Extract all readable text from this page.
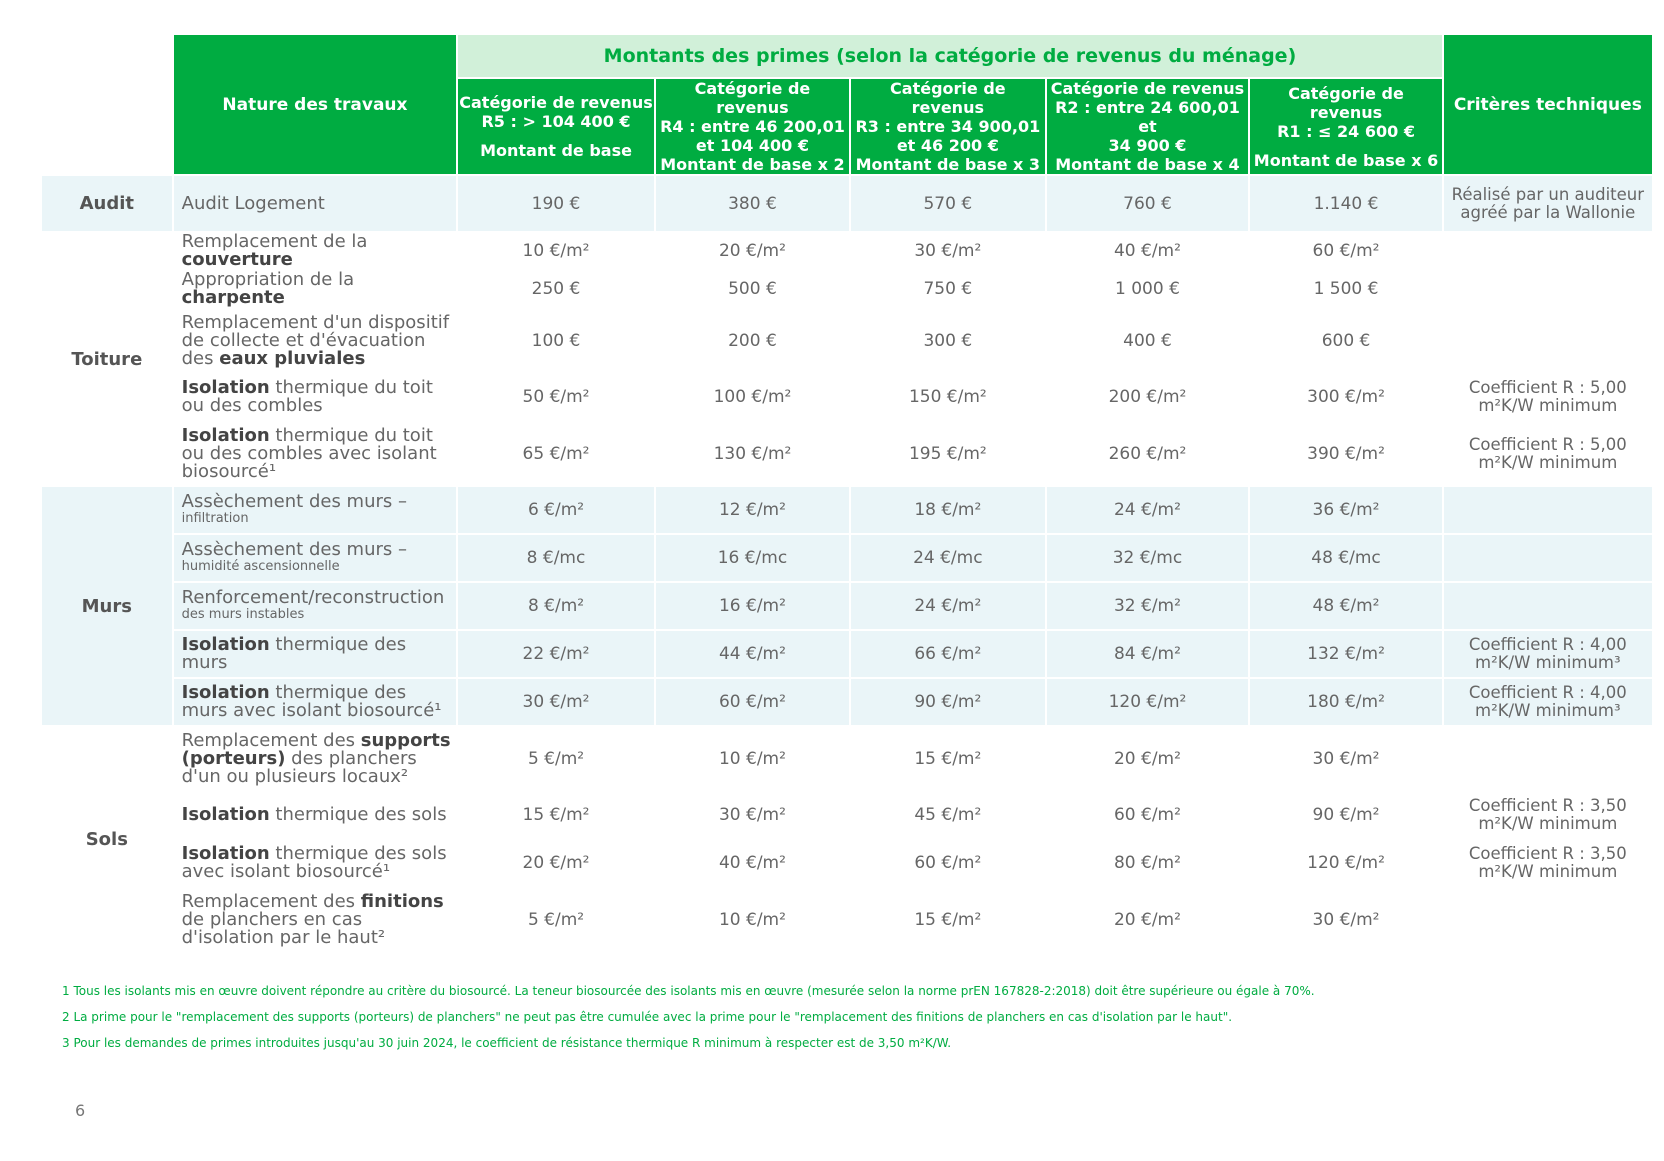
	Nature des travaux	Montants des primes (selon la catégorie de revenus du ménage)					Critères techniques
		Catégorie de revenus
R5 : > 104 400 €
Montant de base	Catégorie de revenus
R4 : entre 46 200,01
et 104 400 €
Montant de base x 2	Catégorie de revenus
R3 : entre 34 900,01
et 46 200 €
Montant de base x 3	Catégorie de revenus
R2 : entre 24 600,01 et
34 900 €
Montant de base x 4	Catégorie de revenus
R1 : ≤ 24 600 €
Montant de base x 6	
Audit	Audit Logement	190 €	380 €	570 €	760 €	1.140 €	Réalisé par un auditeur agréé par la Wallonie
Toiture	Remplacement de la couverture	10 €/m²	20 €/m²	30 €/m²	40 €/m²	60 €/m²	
	Appropriation de la charpente	250 €	500 €	750 €	1 000 €	1 500 €	
	Remplacement d'un dispositif de collecte et d'évacuation des eaux pluviales	100 €	200 €	300 €	400 €	600 €	
	Isolation thermique du toit ou des combles	50 €/m²	100 €/m²	150 €/m²	200 €/m²	300 €/m²	Coefficient R : 5,00 m²K/W minimum
	Isolation thermique du toit ou des combles avec isolant biosourcé¹	65 €/m²	130 €/m²	195 €/m²	260 €/m²	390 €/m²	Coefficient R : 5,00 m²K/W minimum
Murs	Assèchement des murs –
infiltration	6 €/m²	12 €/m²	18 €/m²	24 €/m²	36 €/m²	
	Assèchement des murs –
humidité ascensionnelle	8 €/mc	16 €/mc	24 €/mc	32 €/mc	48 €/mc	
	Renforcement/reconstruction
des murs instables	8 €/m²	16 €/m²	24 €/m²	32 €/m²	48 €/m²	
	Isolation thermique des murs	22 €/m²	44 €/m²	66 €/m²	84 €/m²	132 €/m²	Coefficient R : 4,00 m²K/W minimum³
	Isolation thermique des murs avec isolant biosourcé¹	30 €/m²	60 €/m²	90 €/m²	120 €/m²	180 €/m²	Coefficient R : 4,00 m²K/W minimum³
Sols	Remplacement des supports (porteurs) des planchers d'un ou plusieurs locaux²	5 €/m²	10 €/m²	15 €/m²	20 €/m²	30 €/m²	
	Isolation thermique des sols	15 €/m²	30 €/m²	45 €/m²	60 €/m²	90 €/m²	Coefficient R : 3,50 m²K/W minimum
	Isolation thermique des sols avec isolant biosourcé¹	20 €/m²	40 €/m²	60 €/m²	80 €/m²	120 €/m²	Coefficient R : 3,50 m²K/W minimum
	Remplacement des finitions de planchers en cas d'isolation par le haut²	5 €/m²	10 €/m²	15 €/m²	20 €/m²	30 €/m²	
1 Tous les isolants mis en œuvre doivent répondre au critère du biosourcé. La teneur biosourcée des isolants mis en œuvre (mesurée selon la norme prEN 167828-2:2018) doit être supérieure ou égale à 70%.
2 La prime pour le "remplacement des supports (porteurs) de planchers" ne peut pas être cumulée avec la prime pour le "remplacement des finitions de planchers en cas d'isolation par le haut".
3 Pour les demandes de primes introduites jusqu'au 30 juin 2024, le coefficient de résistance thermique R minimum à respecter est de 3,50 m²K/W.
6
